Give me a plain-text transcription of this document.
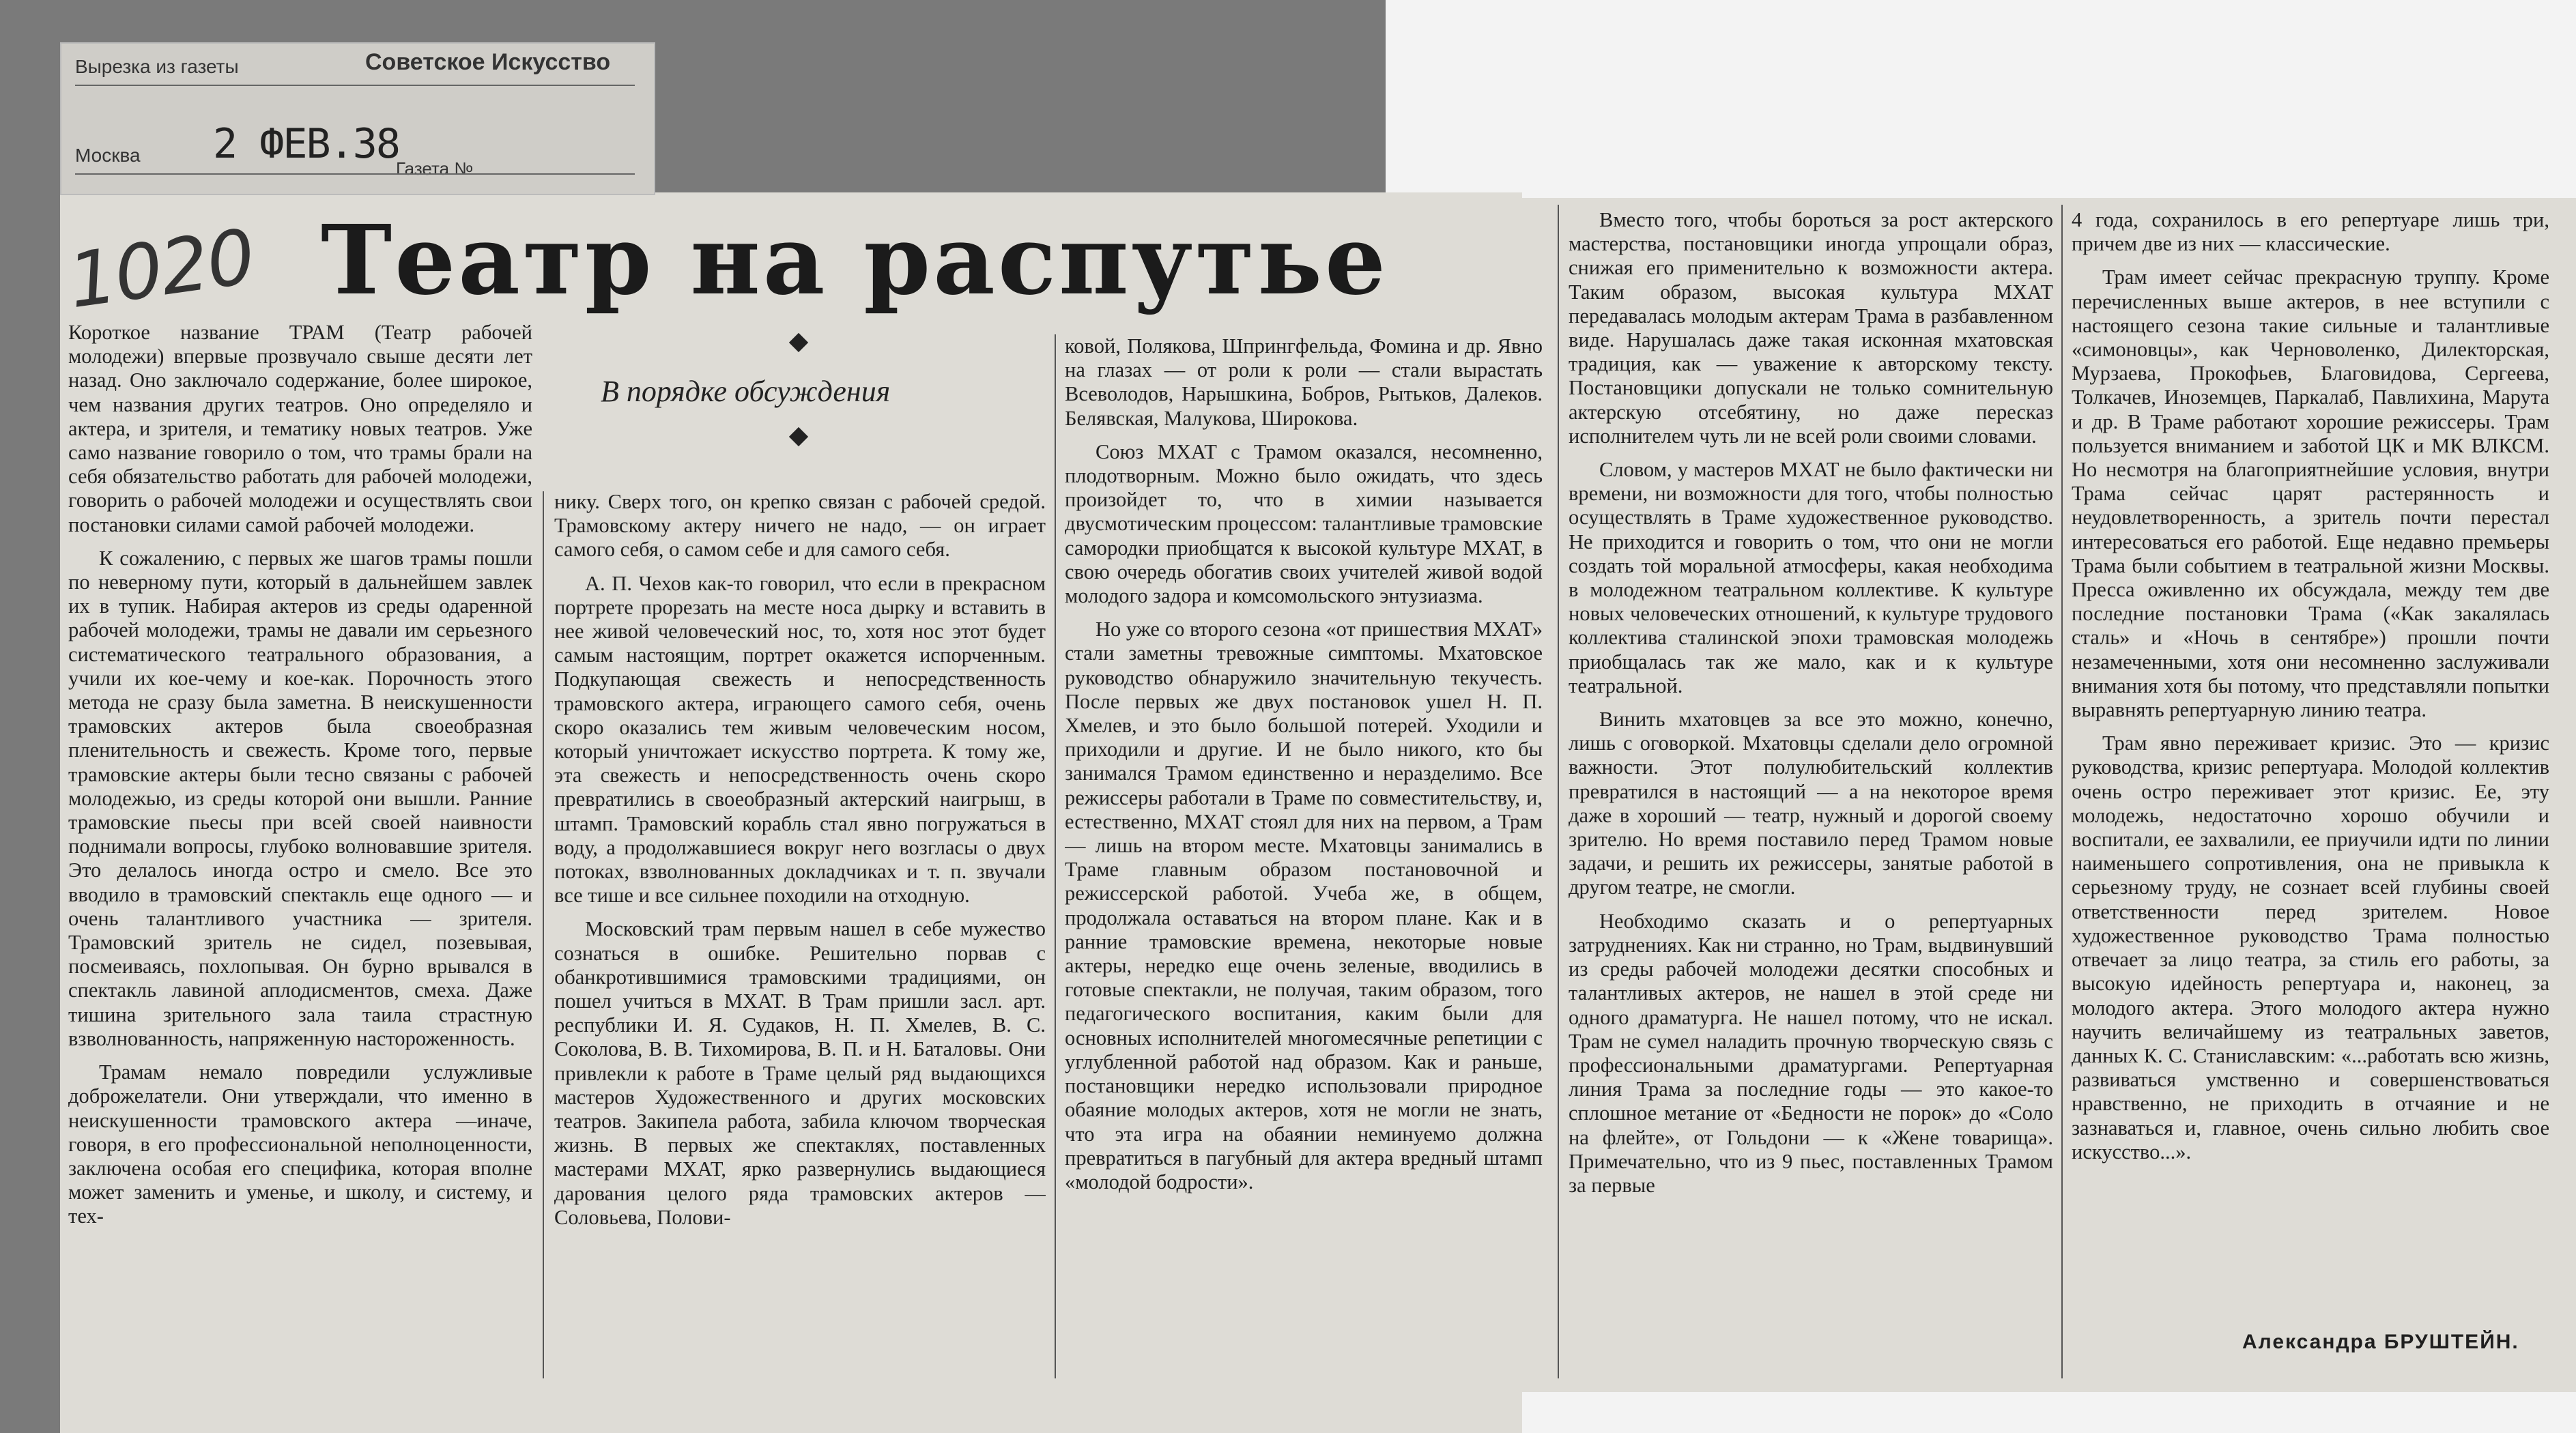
Вырезка из газеты	Советское Искусство
Москва 2 ФЕВ.38
Газета №
1020 Театр на распутье
В порядке обсуждения

Короткое название ТРАМ (Театр рабочей молодежи) впервые прозвучало свыше десяти лет назад. Оно заключало содержание, более широкое, чем названия других театров. Оно определяло и актера, и зрителя, и тематику новых театров. Уже само название говорило о том, что трамы брали на себя обязательство работать для рабочей молодежи, говорить о рабочей молодежи и осуществлять свои постановки силами самой рабочей молодежи.

К сожалению, с первых же шагов трамы пошли по неверному пути, который в дальнейшем завлек их в тупик. Набирая актеров из среды одаренной рабочей молодежи, трамы не давали им серьезного систематического театрального образования, а учили их кое-чему и кое-как. Порочность этого метода не сразу была заметна. В неискушенности трамовских актеров была своеобразная пленительность и свежесть. Кроме того, первые трамовские актеры были тесно связаны с рабочей молодежью, из среды которой они вышли. Ранние трамовские пьесы при всей своей наивности поднимали вопросы, глубоко волновавшие зрителя. Это делалось иногда остро и смело. Все это вводило в трамовский спектакль еще одного — и очень талантливого участника — зрителя. Трамовский зритель не сидел, позевывая, посмеиваясь, похлопывая. Он бурно врывался в спектакль лавиной аплодисментов, смеха. Даже тишина зрительного зала таила страстную взволнованность, напряженную настороженность.

Трамам немало повредили услужливые доброжелатели. Они утверждали, что именно в неискушенности трамовского актера —иначе, говоря, в его профессиональной неполноценности, заключена особая его специфика, которая вполне может заменить и уменье, и школу, и систему, и тех-

нику. Сверх того, он крепко связан с рабочей средой. Трамовскому актеру ничего не надо, — он играет самого себя, о самом себе и для самого себя.

А. П. Чехов как-то говорил, что если в прекрасном портрете прорезать на месте носа дырку и вставить в нее живой человеческий нос, то, хотя нос этот будет самым настоящим, портрет окажется испорченным. Подкупающая свежесть и непосредственность трамовского актера, играющего самого себя, очень скоро оказались тем живым человеческим носом, который уничтожает искусство портрета. К тому же, эта свежесть и непосредственность очень скоро превратились в своеобразный актерский наигрыш, в штамп. Трамовский корабль стал явно погружаться в воду, а продолжавшиеся вокруг него возгласы о двух потоках, взволнованных докладчиках и т. п. звучали все тише и все сильнее походили на отходную.

Московский трам первым нашел в себе мужество сознаться в ошибке. Решительно порвав с обанкротившимися трамовскими традициями, он пошел учиться в МХАТ. В Трам пришли засл. арт. республики И. Я. Судаков, Н. П. Хмелев, В. С. Соколова, В. В. Тихомирова, В. П. и Н. Баталовы. Они привлекли к работе в Траме целый ряд выдающихся мастеров Художественного и других московских театров. Закипела работа, забила ключом творческая жизнь. В первых же спектаклях, поставленных мастерами МХАТ, ярко развернулись выдающиеся дарования целого ряда трамовских актеров — Соловьева, Полови-

ковой, Полякова, Шпрингфельда, Фомина и др. Явно на глазах — от роли к роли — стали вырастать Всеволодов, Нарышкина, Бобров, Рытьков, Далеков. Белявская, Малукова, Широкова.

Союз МХАТ с Трамом оказался, несомненно, плодотворным. Можно было ожидать, что здесь произойдет то, что в химии называется двусмотическим процессом: талантливые трамовские самородки приобщатся к высокой культуре МХАТ, в свою очередь обогатив своих учителей живой водой молодого задора и комсомольского энтузиазма.

Но уже со второго сезона «от пришествия МХАТ» стали заметны тревожные симптомы. Мхатовское руководство обнаружило значительную текучесть. После первых же двух постановок ушел Н. П. Хмелев, и это было большой потерей. Уходили и приходили и другие. И не было никого, кто бы занимался Трамом единственно и неразделимо. Все режиссеры работали в Траме по совместительству, и, естественно, МХАТ стоял для них на первом, а Трам — лишь на втором месте. Мхатовцы занимались в Траме главным образом постановочной и режиссерской работой. Учеба же, в общем, продолжала оставаться на втором плане. Как и в ранние трамовские времена, некоторые новые актеры, нередко еще очень зеленые, вводились в готовые спектакли, не получая, таким образом, того педагогического воспитания, каким были для основных исполнителей многомесячные репетиции с углубленной работой над образом. Как и раньше, постановщики нередко использовали природное обаяние молодых актеров, хотя не могли не знать, что эта игра на обаянии неминуемо должна превратиться в пагубный для актера вредный штамп «молодой бодрости».

Вместо того, чтобы бороться за рост актерского мастерства, постановщики иногда упрощали образ, снижая его применительно к возможности актера. Таким образом, высокая культура МХАТ передавалась молодым актерам Трама в разбавленном виде. Нарушалась даже такая исконная мхатовская традиция, как — уважение к авторскому тексту. Постановщики допускали не только сомнительную актерскую отсебятину, но даже пересказ исполнителем чуть ли не всей роли своими словами.

Словом, у мастеров МХАТ не было фактически ни времени, ни возможности для того, чтобы полностью осуществлять в Траме художественное руководство. Не приходится и говорить о том, что они не могли создать той моральной атмосферы, какая необходима в молодежном театральном коллективе. К культуре новых человеческих отношений, к культуре трудового коллектива сталинской эпохи трамовская молодежь приобщалась так же мало, как и к культуре театральной.

Винить мхатовцев за все это можно, конечно, лишь с оговоркой. Мхатовцы сделали дело огромной важности. Этот полулюбительский коллектив превратился в настоящий — а на некоторое время даже в хороший — театр, нужный и дорогой своему зрителю. Но время поставило перед Трамом новые задачи, и решить их режиссеры, занятые работой в другом театре, не смогли.

Необходимо сказать и о репертуарных затруднениях. Как ни странно, но Трам, выдвинувший из среды рабочей молодежи десятки способных и талантливых актеров, не нашел в этой среде ни одного драматурга. Не нашел потому, что не искал. Трам не сумел наладить прочную творческую связь с профессиональными драматургами. Репертуарная линия Трама за последние годы — это какое-то сплошное метание от «Бедности не порок» до «Соло на флейте», от Гольдони — к «Жене товарища». Примечательно, что из 9 пьес, поставленных Трамом за первые

4 года, сохранилось в его репертуаре лишь три, причем две из них — классические.

Трам имеет сейчас прекрасную труппу. Кроме перечисленных выше актеров, в нее вступили с настоящего сезона такие сильные и талантливые «симоновцы», как Черноволенко, Дилекторская, Мурзаева, Прокофьев, Благовидова, Сергеева, Толкачев, Иноземцев, Паркалаб, Павлихина, Марута и др. В Траме работают хорошие режиссеры. Трам пользуется вниманием и заботой ЦК и МК ВЛКСМ. Но несмотря на благоприятнейшие условия, внутри Трама сейчас царят растерянность и неудовлетворенность, а зритель почти перестал интересоваться его работой. Еще недавно премьеры Трама были событием в театральной жизни Москвы. Пресса оживленно их обсуждала, между тем две последние постановки Трама («Как закалялась сталь» и «Ночь в сентябре») прошли почти незамеченными, хотя они несомненно заслуживали внимания хотя бы потому, что представляли попытки выравнять репертуарную линию театра.

Трам явно переживает кризис. Это — кризис руководства, кризис репертуара. Молодой коллектив очень остро переживает этот кризис. Ее, эту молодежь, недостаточно хорошо обучили и воспитали, ее захвалили, ее приучили идти по линии наименьшего сопротивления, она не привыкла к серьезному труду, не сознает всей глубины своей ответственности перед зрителем. Новое художественное руководство Трама полностью отвечает за лицо театра, за стиль его работы, за высокую идейность репертуара и, наконец, за молодого актера. Этого молодого актера нужно научить величайшему из театральных заветов, данных К. С. Станиславским: «...работать всю жизнь, развиваться умственно и совершенствоваться нравственно, не приходить в отчаяние и не зазнаваться и, главное, очень сильно любить свое искусство...».

Александра БРУШТЕЙН.
